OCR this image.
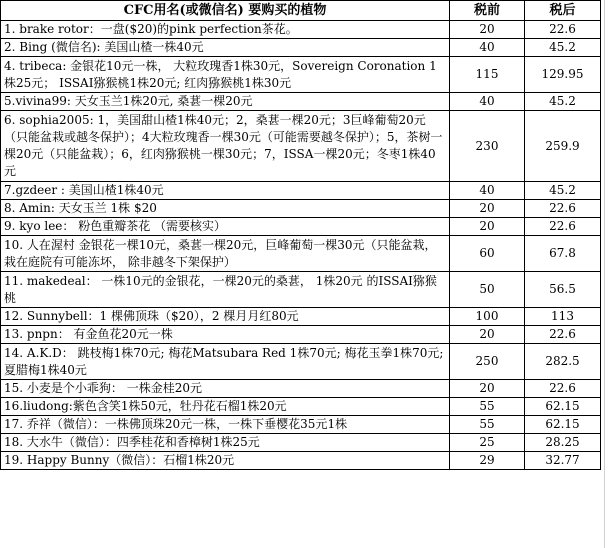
CFC用名(或微信名) 要购买的植物	税前	税后
1. brake rotor：一盘($20)的pink perfection茶花。	20	22.6
2. Bing (微信名): 美国山楂一株40元	40	45.2
4. tribeca: 金银花10元一株， 大粒玫瑰香1株30元，Sovereign Coronation 1株25元； ISSAI猕猴桃1株20元; 红肉猕猴桃1株30元	115	129.95
5.vivina99: 天女玉兰1株20元, 桑葚一棵20元	40	45.2
6. sophia2005: 1，美国甜山楂1株40元；2，桑葚一棵20元；3巨峰葡萄20元（只能盆栽或越冬保护）；4大粒玫瑰香一棵30元（可能需要越冬保护）；5，茶树一棵20元（只能盆栽）；6，红肉猕猴桃一棵30元；7，ISSA一棵20元；冬枣1株40元	230	259.9
7.gzdeer : 美国山楂1株40元	40	45.2
8. Amin: 天女玉兰 1株 $20	20	22.6
9. kyo lee： 粉色重瓣茶花 （需要核实）	20	22.6
10. 人在渥村 金银花一棵10元，桑葚一棵20元，巨峰葡萄一棵30元（只能盆栽， 栽在庭院有可能冻坏， 除非越冬下架保护）	60	67.8
11. makedeal： 一株10元的金银花，一棵20元的桑葚， 1株20元 的ISSAI猕猴桃	50	56.5
12. Sunnybell：1 棵佛顶珠（$20），2 棵月月红80元	100	113
13. pnpn： 有金鱼花20元一株	20	22.6
14. A.K.D： 跳枝梅1株70元; 梅花Matsubara Red 1株70元; 梅花玉拳1株70元; 夏腊梅1株40元	250	282.5
15. 小麦是个小乖狗： 一株金桂20元	20	22.6
16.liudong:紫色含笑1株50元，牡丹花石榴1株20元	55	62.15
17. 乔祥（微信）：一株佛顶珠20元一株，一株下垂樱花35元1株	55	62.15
18. 大水牛（微信）：四季桂花和香樟树1株25元	25	28.25
19. Happy Bunny（微信）：石榴1株20元	29	32.77
